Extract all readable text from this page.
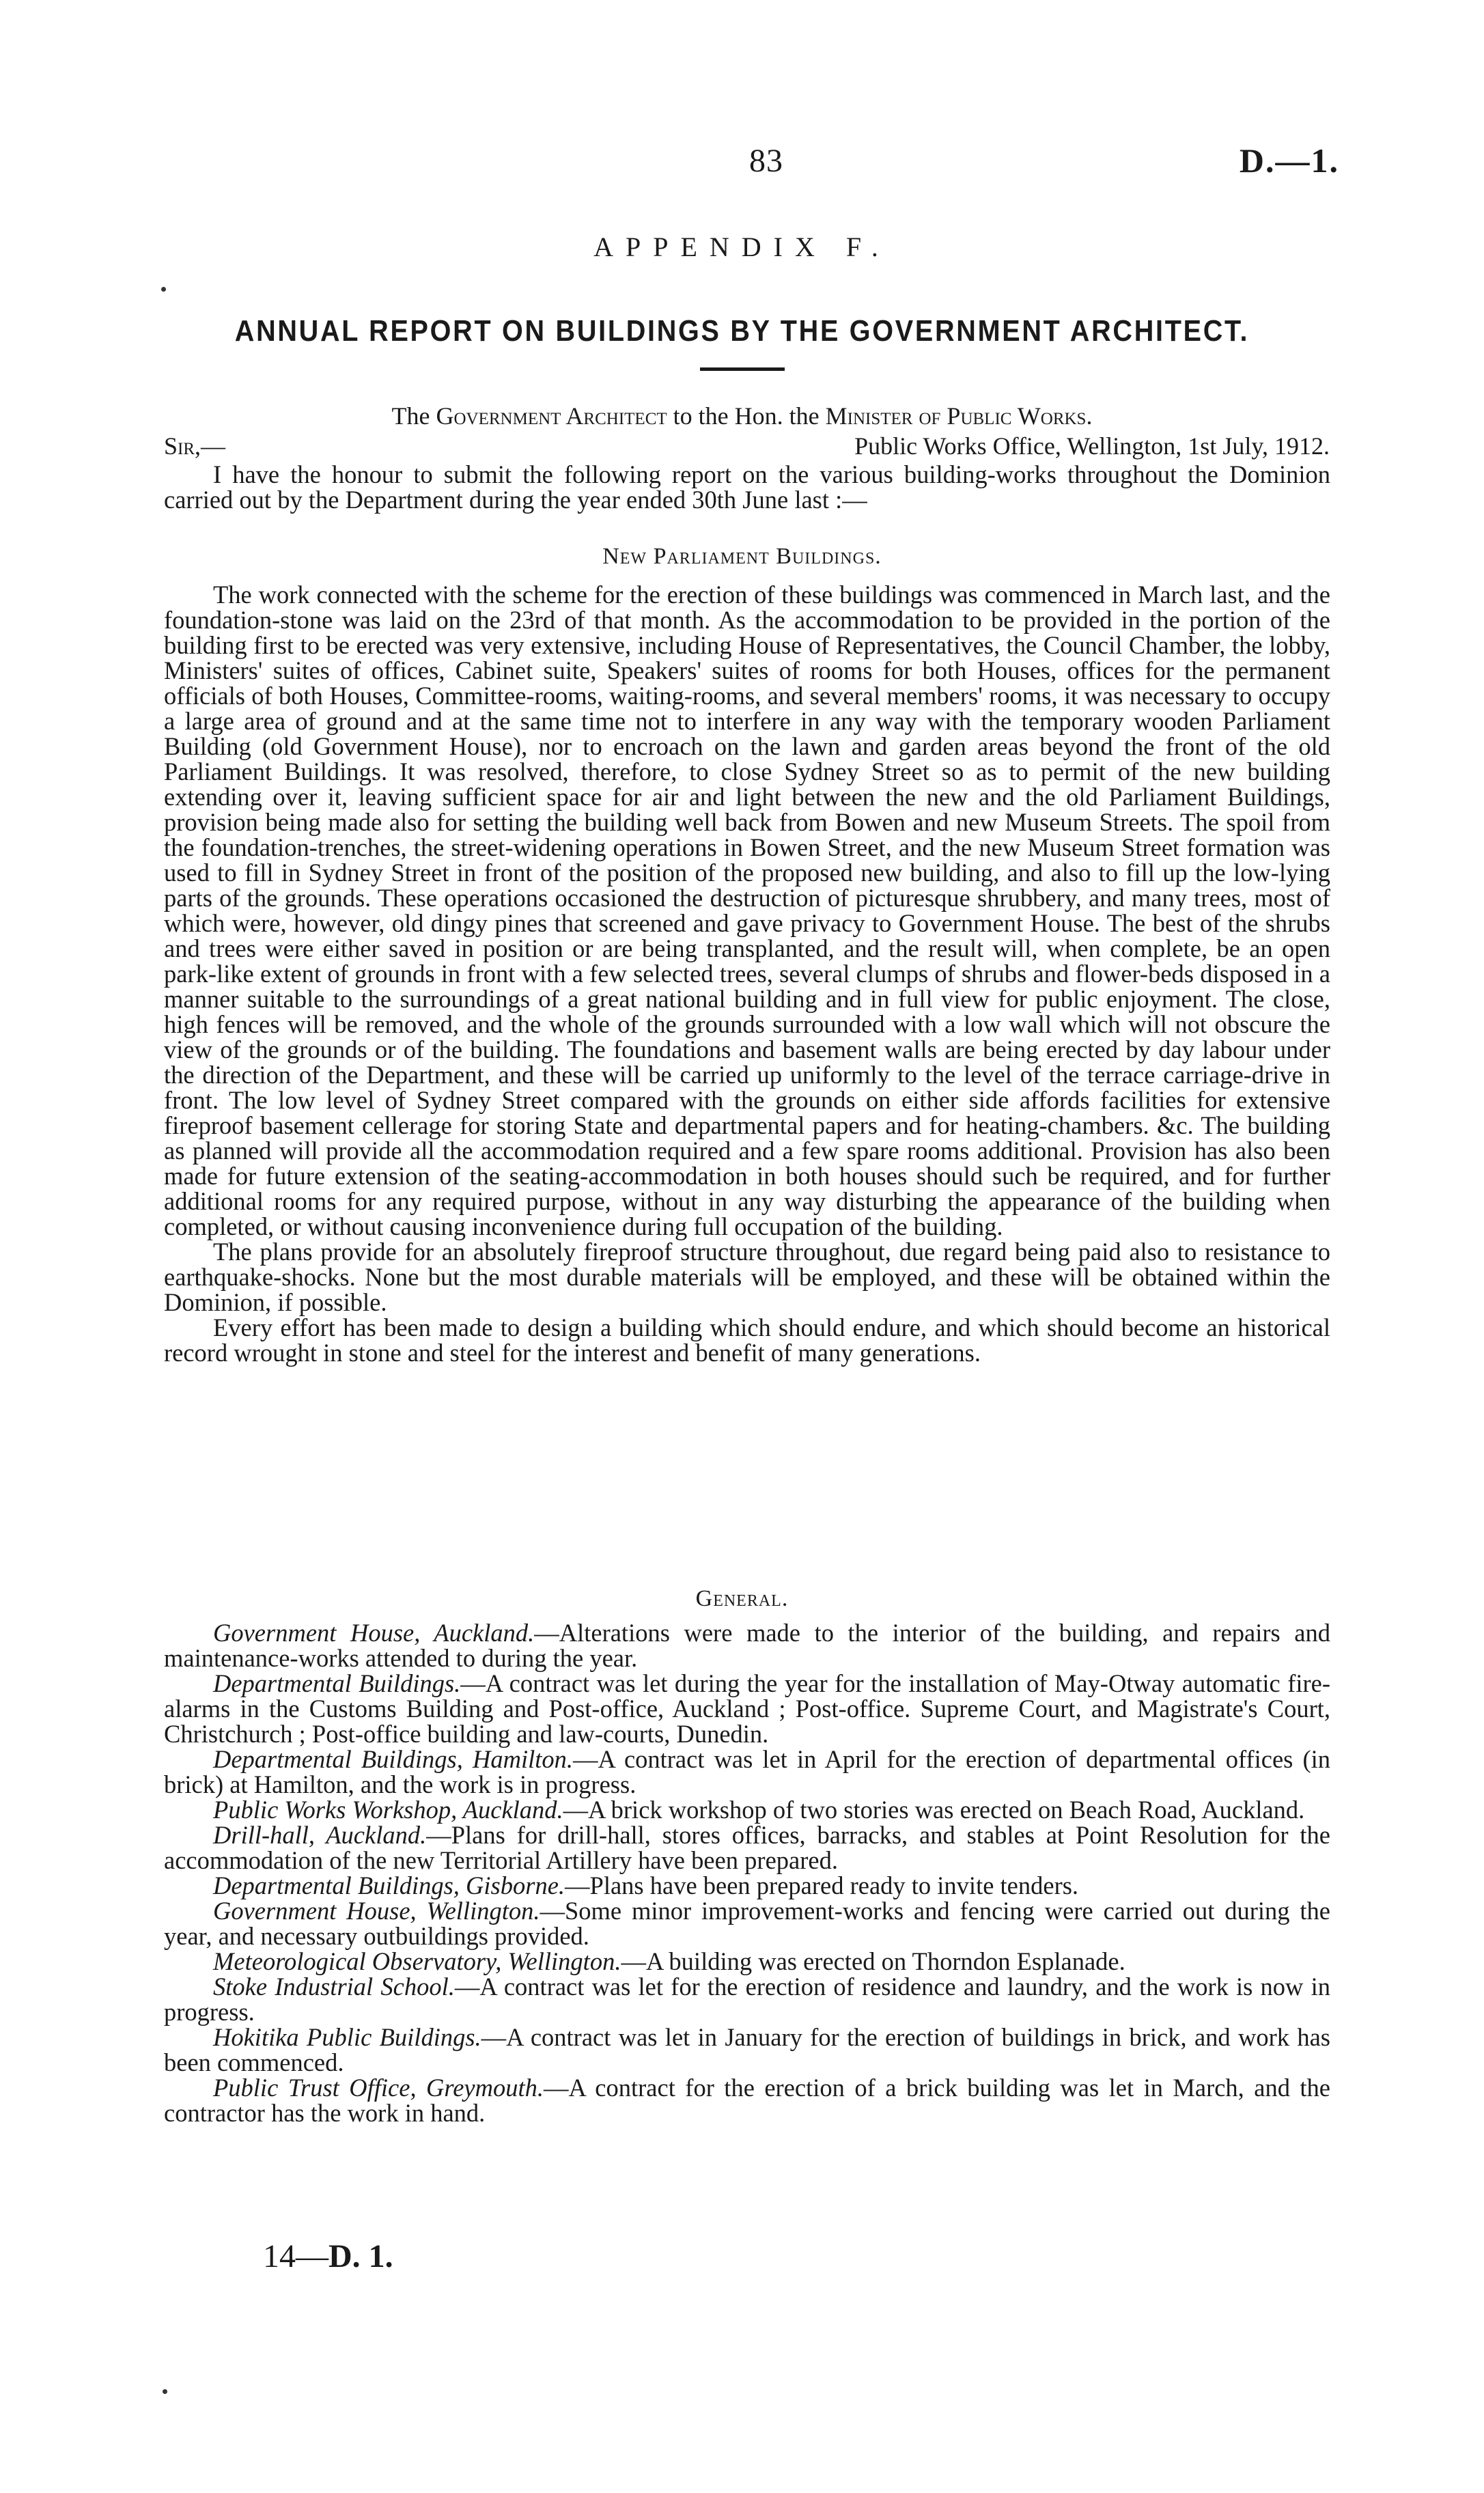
83	D.—1.
APPENDIX F.
ANNUAL REPORT ON BUILDINGS BY THE GOVERNMENT ARCHITECT.
The Government Architect to the Hon. the Minister of Public Works.
Sir,—	Public Works Office, Wellington, 1st July, 1912.

I have the honour to submit the following report on the various building-works throughout the Dominion carried out by the Department during the year ended 30th June last :—

New Parliament Buildings.

The work connected with the scheme for the erection of these buildings was commenced in March last, and the foundation-stone was laid on the 23rd of that month. As the accommodation to be provided in the portion of the building first to be erected was very extensive, including House of Representatives, the Council Chamber, the lobby, Ministers' suites of offices, Cabinet suite, Speakers' suites of rooms for both Houses, offices for the permanent officials of both Houses, Committee-rooms, waiting-rooms, and several members' rooms, it was necessary to occupy a large area of ground and at the same time not to interfere in any way with the temporary wooden Parliament Building (old Government House), nor to encroach on the lawn and garden areas beyond the front of the old Parliament Buildings. It was resolved, therefore, to close Sydney Street so as to permit of the new building extending over it, leaving sufficient space for air and light between the new and the old Parliament Buildings, provision being made also for setting the building well back from Bowen and new Museum Streets. The spoil from the foundation-trenches, the street-widening operations in Bowen Street, and the new Museum Street formation was used to fill in Sydney Street in front of the position of the proposed new building, and also to fill up the low-lying parts of the grounds. These operations occasioned the destruction of picturesque shrubbery, and many trees, most of which were, however, old dingy pines that screened and gave privacy to Government House. The best of the shrubs and trees were either saved in position or are being transplanted, and the result will, when complete, be an open park-like extent of grounds in front with a few selected trees, several clumps of shrubs and flower-beds disposed in a manner suitable to the surroundings of a great national building and in full view for public enjoyment. The close, high fences will be removed, and the whole of the grounds surrounded with a low wall which will not obscure the view of the grounds or of the building. The foundations and basement walls are being erected by day labour under the direction of the Department, and these will be carried up uniformly to the level of the terrace carriage-drive in front. The low level of Sydney Street compared with the grounds on either side affords facilities for extensive fireproof basement cellerage for storing State and departmental papers and for heating-chambers. &c. The building as planned will provide all the accommodation required and a few spare rooms additional. Provision has also been made for future extension of the seating-accommodation in both houses should such be required, and for further additional rooms for any required purpose, without in any way disturbing the appearance of the building when completed, or without causing inconvenience during full occupation of the building.

The plans provide for an absolutely fireproof structure throughout, due regard being paid also to resistance to earthquake-shocks. None but the most durable materials will be employed, and these will be obtained within the Dominion, if possible.

Every effort has been made to design a building which should endure, and which should become an historical record wrought in stone and steel for the interest and benefit of many generations.

General.

Government House, Auckland.—Alterations were made to the interior of the building, and repairs and maintenance-works attended to during the year.

Departmental Buildings.—A contract was let during the year for the installation of May-Otway automatic fire-alarms in the Customs Building and Post-office, Auckland ; Post-office. Supreme Court, and Magistrate's Court, Christchurch ; Post-office building and law-courts, Dunedin.

Departmental Buildings, Hamilton.—A contract was let in April for the erection of departmental offices (in brick) at Hamilton, and the work is in progress.

Public Works Workshop, Auckland.—A brick workshop of two stories was erected on Beach Road, Auckland.

Drill-hall, Auckland.—Plans for drill-hall, stores offices, barracks, and stables at Point Resolution for the accommodation of the new Territorial Artillery have been prepared.

Departmental Buildings, Gisborne.—Plans have been prepared ready to invite tenders.

Government House, Wellington.—Some minor improvement-works and fencing were carried out during the year, and necessary outbuildings provided.

Meteorological Observatory, Wellington.—A building was erected on Thorndon Esplanade.

Stoke Industrial School.—A contract was let for the erection of residence and laundry, and the work is now in progress.

Hokitika Public Buildings.—A contract was let in January for the erection of buildings in brick, and work has been commenced.

Public Trust Office, Greymouth.—A contract for the erection of a brick building was let in March, and the contractor has the work in hand.

14—D. 1.
